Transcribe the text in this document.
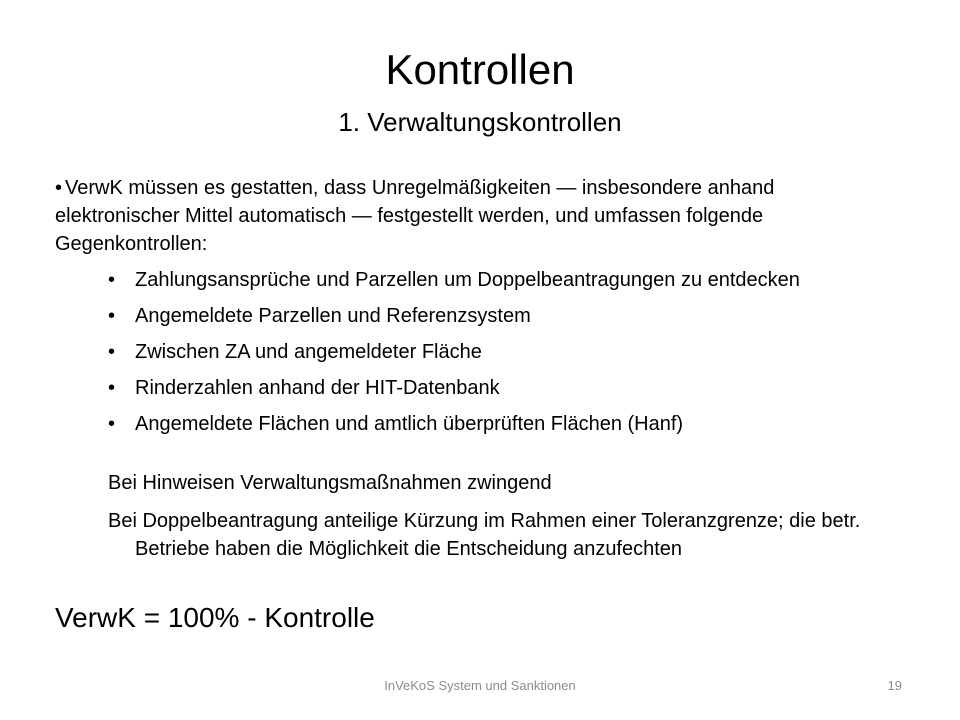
Kontrollen
1. Verwaltungskontrollen
• VerwK müssen es gestatten, dass Unregelmäßigkeiten — insbesondere anhand elektronischer Mittel automatisch — festgestellt werden, und umfassen folgende Gegenkontrollen:
• Zahlungsansprüche und Parzellen um Doppelbeantragungen zu entdecken
• Angemeldete Parzellen und Referenzsystem
• Zwischen ZA und angemeldeter Fläche
• Rinderzahlen anhand der HIT-Datenbank
• Angemeldete Flächen und amtlich überprüften Flächen (Hanf)
Bei Hinweisen Verwaltungsmaßnahmen zwingend
Bei Doppelbeantragung anteilige Kürzung im Rahmen einer Toleranzgrenze; die betr. Betriebe haben die Möglichkeit die Entscheidung anzufechten
VerwK = 100% - Kontrolle
InVeKoS System und Sanktionen	19
